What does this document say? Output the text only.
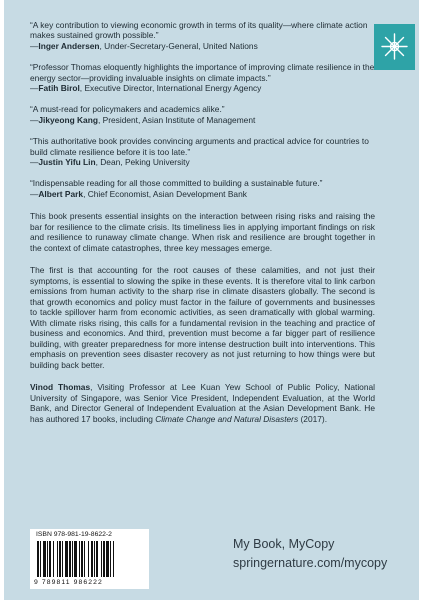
“A key contribution to viewing economic growth in terms of its quality—where climate action makes sustained growth possible.”
—Inger Andersen, Under-Secretary-General, United Nations
“Professor Thomas eloquently highlights the importance of improving climate resilience in the energy sector—providing invaluable insights on climate impacts.”
—Fatih Birol, Executive Director, International Energy Agency
“A must-read for policymakers and academics alike.”
—Jikyeong Kang, President, Asian Institute of Management
“This authoritative book provides convincing arguments and practical advice for countries to build climate resilience before it is too late.”
—Justin Yifu Lin, Dean, Peking University
“Indispensable reading for all those committed to building a sustainable future.”
—Albert Park, Chief Economist, Asian Development Bank

This book presents essential insights on the interaction between rising risks and raising the bar for resilience to the climate crisis. Its timeliness lies in applying important findings on risk and resilience to runaway climate change. When risk and resilience are brought together in the context of climate catastrophes, three key messages emerge.

The first is that accounting for the root causes of these calamities, and not just their symptoms, is essential to slowing the spike in these events. It is therefore vital to link carbon emissions from human activity to the sharp rise in climate disasters globally. The second is that growth economics and policy must factor in the failure of governments and businesses to tackle spillover harm from economic activities, as seen dramatically with global warming. With climate risks rising, this calls for a fundamental revision in the teaching and practice of business and economics. And third, prevention must become a far bigger part of resilience building, with greater preparedness for more intense destruction built into interventions. This emphasis on prevention sees disaster recovery as not just returning to how things were but building back better.

Vinod Thomas, Visiting Professor at Lee Kuan Yew School of Public Policy, National University of Singapore, was Senior Vice President, Independent Evaluation, at the World Bank, and Director General of Independent Evaluation at the Asian Development Bank. He has authored 17 books, including Climate Change and Natural Disasters (2017).

ISBN 978-981-19-8622-2
9 789811 986222
My Book, MyCopy
springernature.com/mycopy
